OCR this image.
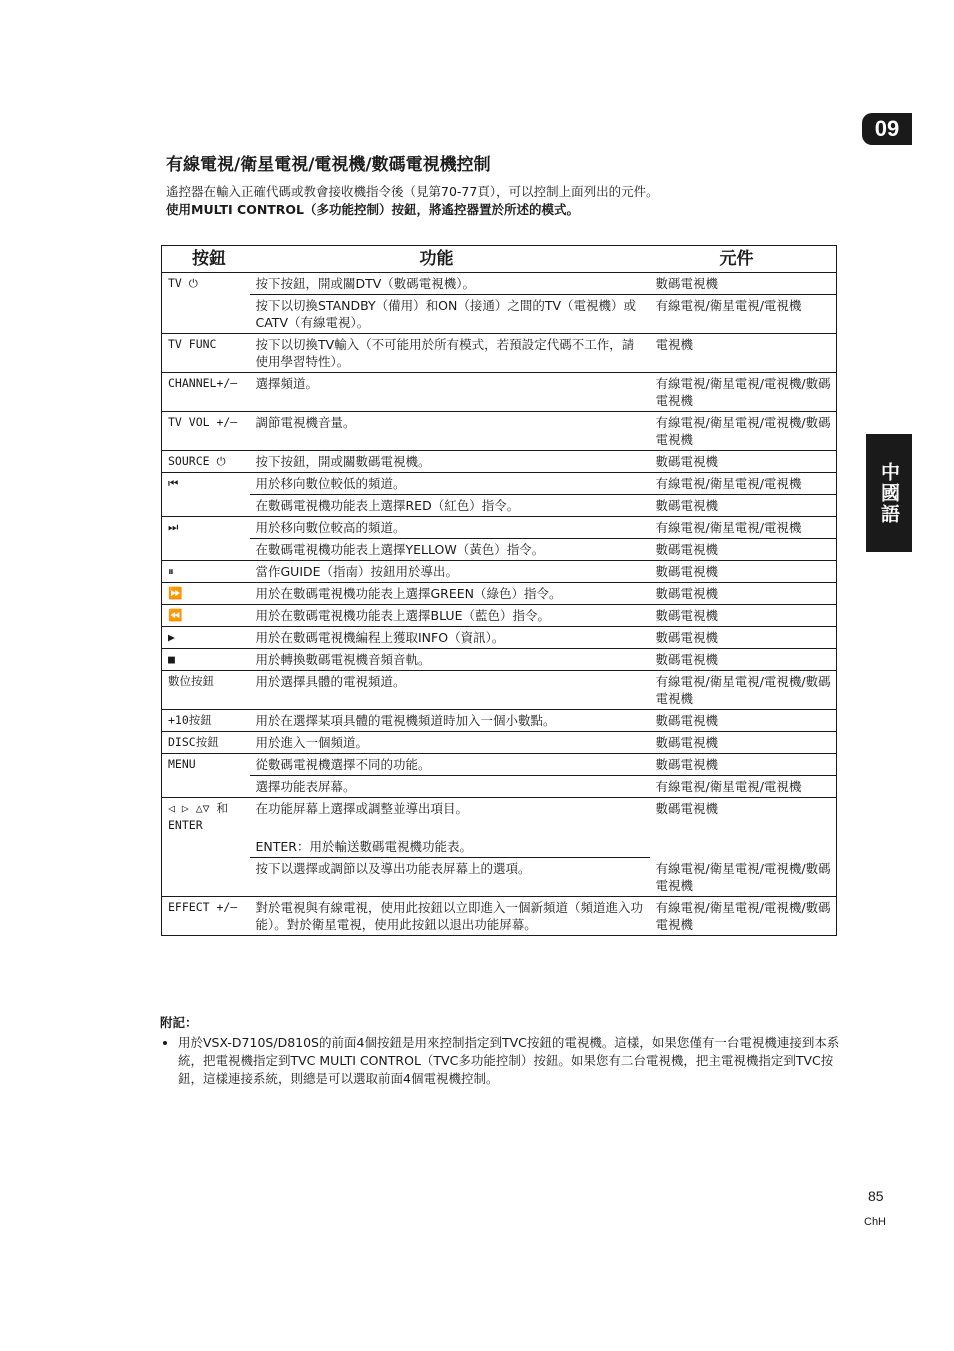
09
中國語
有線電視/衛星電視/電視機/數碼電視機控制

遙控器在輸入正確代碼或教會接收機指令後（見第70-77頁），可以控制上面列出的元件。

使用MULTI CONTROL（多功能控制）按鈕，將遙控器置於所述的模式。

按鈕	功能	元件
TV ⏻	按下按鈕，開或關DTV（數碼電視機）。	數碼電視機
	按下以切換STANDBY（備用）和ON（接通）之間的TV（電視機）或CATV（有線電視）。	有線電視/衛星電視/電視機
TV FUNC	按下以切換TV輸入（不可能用於所有模式，若預設定代碼不工作，請使用學習特性）。	電視機
CHANNEL+/–	選擇頻道。	有線電視/衛星電視/電視機/數碼電視機
TV VOL +/–	調節電視機音量。	有線電視/衛星電視/電視機/數碼電視機
SOURCE ⏻	按下按鈕，開或關數碼電視機。	數碼電視機
⏮	用於移向數位較低的頻道。	有線電視/衛星電視/電視機
	在數碼電視機功能表上選擇RED（紅色）指令。	數碼電視機
⏭	用於移向數位較高的頻道。	有線電視/衛星電視/電視機
	在數碼電視機功能表上選擇YELLOW（黃色）指令。	數碼電視機
⏸	當作GUIDE（指南）按鈕用於導出。	數碼電視機
⏩	用於在數碼電視機功能表上選擇GREEN（綠色）指令。	數碼電視機
⏪	用於在數碼電視機功能表上選擇BLUE（藍色）指令。	數碼電視機
▶	用於在數碼電視機編程上獲取INFO（資訊）。	數碼電視機
■	用於轉換數碼電視機音頻音軌。	數碼電視機
數位按鈕	用於選擇具體的電視頻道。	有線電視/衛星電視/電視機/數碼電視機
+10按鈕	用於在選擇某項具體的電視機頻道時加入一個小數點。	數碼電視機
DISC按鈕	用於進入一個頻道。	數碼電視機
MENU	從數碼電視機選擇不同的功能。	數碼電視機
	選擇功能表屏幕。	有線電視/衛星電視/電視機
◁ ▷ △▽ 和ENTER	在功能屏幕上選擇或調整並導出項目。	數碼電視機
	ENTER：用於輸送數碼電視機功能表。	
	按下以選擇或調節以及導出功能表屏幕上的選項。	有線電視/衛星電視/電視機/數碼電視機
EFFECT +/–	對於電視與有線電視，使用此按鈕以立即進入一個新頻道（頻道進入功能）。對於衛星電視，使用此按鈕以退出功能屏幕。	有線電視/衛星電視/電視機/數碼電視機

附記：

• 用於VSX-D710S/D810S的前面4個按鈕是用來控制指定到TVC按鈕的電視機。這樣，如果您僅有一台電視機連接到本系統，把電視機指定到TVC MULTI CONTROL（TVC多功能控制）按鈕。如果您有二台電視機，把主電視機指定到TVC按鈕，這樣連接系統，則總是可以選取前面4個電視機控制。
85
ChH
